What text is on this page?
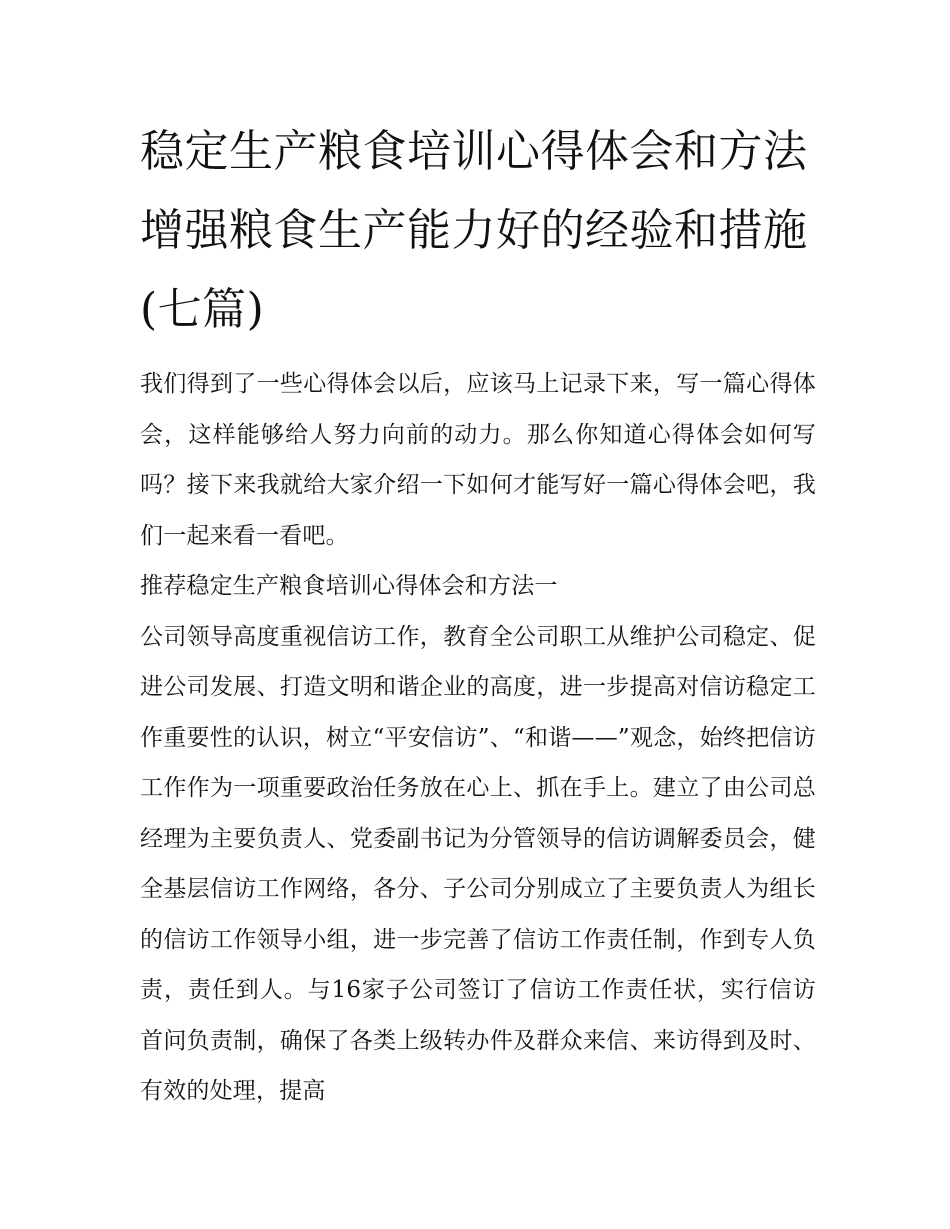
稳定生产粮食培训心得体会和方法 增强粮食生产能力好的经验和措施(七篇)

我们得到了一些心得体会以后，应该马上记录下来，写一篇心得体会，这样能够给人努力向前的动力。那么你知道心得体会如何写吗？接下来我就给大家介绍一下如何才能写好一篇心得体会吧，我们一起来看一看吧。

推荐稳定生产粮食培训心得体会和方法一

公司领导高度重视信访工作，教育全公司职工从维护公司稳定、促进公司发展、打造文明和谐企业的高度，进一步提高对信访稳定工作重要性的认识，树立“平安信访”、“和谐——”观念，始终把信访工作作为一项重要政治任务放在心上、抓在手上。建立了由公司总经理为主要负责人、党委副书记为分管领导的信访调解委员会，健全基层信访工作网络，各分、子公司分别成立了主要负责人为组长的信访工作领导小组，进一步完善了信访工作责任制，作到专人负责，责任到人。与16家子公司签订了信访工作责任状，实行信访首问负责制，确保了各类上级转办件及群众来信、来访得到及时、有效的处理，提高
